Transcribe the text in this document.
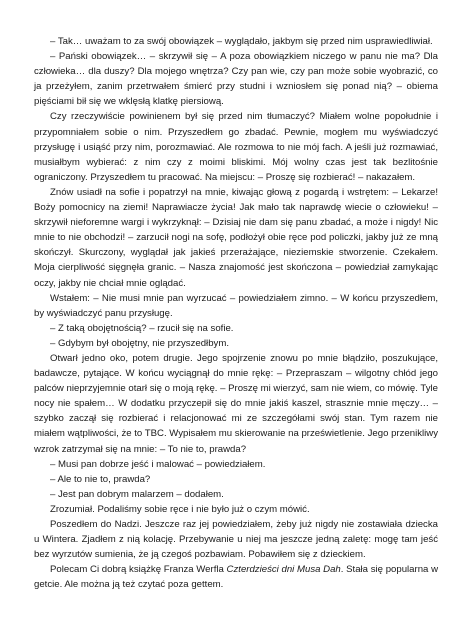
– Tak… uważam to za swój obowiązek – wyglądało, jakbym się przed nim usprawiedliwiał.

– Pański obowiązek… – skrzywił się – A poza obowiązkiem niczego w panu nie ma? Dla człowieka… dla duszy? Dla mojego wnętrza? Czy pan wie, czy pan może sobie wyobrazić, co ja przeżyłem, zanim przetrwałem śmierć przy studni i wzniosłem się ponad nią? – obiema pięściami bił się we wklęsłą klatkę piersiową.

Czy rzeczywiście powinienem był się przed nim tłumaczyć? Miałem wolne popołudnie i przypomniałem sobie o nim. Przyszedłem go zbadać. Pewnie, mogłem mu wyświadczyć przysługę i usiąść przy nim, porozmawiać. Ale rozmowa to nie mój fach. A jeśli już rozmawiać, musiałbym wybierać: z nim czy z moimi bliskimi. Mój wolny czas jest tak bezlitośnie ograniczony. Przyszedłem tu pracować. Na miejscu: – Proszę się rozbierać! – nakazałem.

Znów usiadł na sofie i popatrzył na mnie, kiwając głową z pogardą i wstrętem: – Lekarze! Boży pomocnicy na ziemi! Naprawiacze życia! Jak mało tak naprawdę wiecie o człowieku! – skrzywił nieforemne wargi i wykrzyknął: – Dzisiaj nie dam się panu zbadać, a może i nigdy! Nic mnie to nie obchodzi! – zarzucił nogi na sofę, podłożył obie ręce pod policzki, jakby już ze mną skończył. Skurczony, wyglądał jak jakieś przerażające, nieziemskie stworzenie. Czekałem. Moja cierpliwość sięgnęła granic. – Nasza znajomość jest skończona – powiedział zamykając oczy, jakby nie chciał mnie oglądać.

Wstałem: – Nie musi mnie pan wyrzucać – powiedziałem zimno. – W końcu przyszedłem, by wyświadczyć panu przysługę.

– Z taką obojętnością? – rzucił się na sofie.

– Gdybym był obojętny, nie przyszedłbym.

Otwarł jedno oko, potem drugie. Jego spojrzenie znowu po mnie błądziło, poszukujące, badawcze, pytające. W końcu wyciągnął do mnie rękę: – Przepraszam – wilgotny chłód jego palców nieprzyjemnie otarł się o moją rękę. – Proszę mi wierzyć, sam nie wiem, co mówię. Tyle nocy nie spałem… W dodatku przyczepił się do mnie jakiś kaszel, strasznie mnie męczy… – szybko zaczął się rozbierać i relacjonować mi ze szczegółami swój stan. Tym razem nie miałem wątpliwości, że to TBC. Wypisałem mu skierowanie na prześwietlenie. Jego przenikliwy wzrok zatrzymał się na mnie: – To nie to, prawda?

– Musi pan dobrze jeść i malować – powiedziałem.

– Ale to nie to, prawda?

– Jest pan dobrym malarzem – dodałem.

Zrozumiał. Podaliśmy sobie ręce i nie było już o czym mówić.

Poszedłem do Nadzi. Jeszcze raz jej powiedziałem, żeby już nigdy nie zostawiała dziecka u Wintera. Zjadłem z nią kolację. Przebywanie u niej ma jeszcze jedną zaletę: mogę tam jeść bez wyrzutów sumienia, że ją czegoś pozbawiam. Pobawiłem się z dzieckiem.

Polecam Ci dobrą książkę Franza Werfla Czterdzieści dni Musa Dah. Stała się popularna w getcie. Ale można ją też czytać poza gettem.
